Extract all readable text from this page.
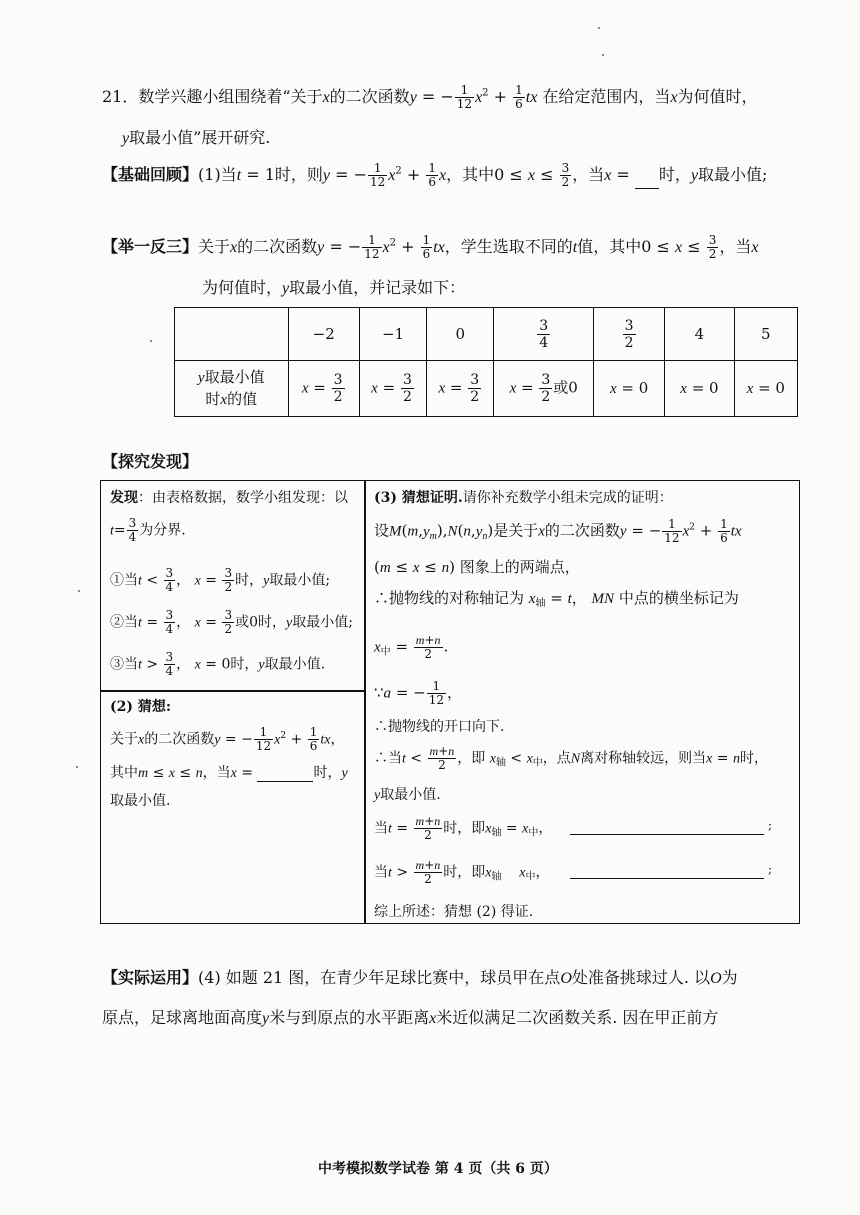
21．数学兴趣小组围绕着“关于x的二次函数y = − $\frac{1}{12} x^2 + \frac{1}{6}$ tx 在给定范围内，当x为何值时，
y取最小值”展开研究.
【基础回顾】(1)当t = 1时，则y = − $\frac{1}{12} x^2 + \frac{1}{6}$ x，其中$0 \le x \le \frac{3}{2}$ ，当x =  时，y取最小值;
【举一反三】关于x的二次函数y = − $\frac{1}{12} x^2 + \frac{1}{6}$ tx，学生选取不同的t值，其中$0 \le x \le \frac{3}{2}$ ，当x
为何值时，y取最小值，并记录如下：
	−2	−1	0	$\frac{3}{4}$	$\frac{3}{2}$	4	5
y取最小值
时x的值	$x = \frac{3}{2}$	$x = \frac{3}{2}$	$x = \frac{3}{2}$	$x = \frac{3}{2}$ 或0	x = 0	x = 0	x = 0
【探究发现】
发现：由表格数据，数学小组发现：以
$t= \frac{3}{4}$ 为分界.
①当$t < \frac{3}{4}$ ， $x = \frac{3}{2}$ 时，y取最小值;
②当$t = \frac{3}{4}$ ， $x = \frac{3}{2}$ 或0时，y取最小值;
③当$t > \frac{3}{4}$ ， x = 0时，y取最小值.
(2) 猜想:
关于x的二次函数y = − $\frac{1}{12} x^2 + \frac{1}{6}$ tx，
其中m ≤ x ≤ n，当x =	时，y
取最小值.
(3) 猜想证明.请你补充数学小组未完成的证明：
设$M(m,y_m),N(n,y_n)$是关于x的二次函数y = − $\frac{1}{12} x^2 + \frac{1}{6}$ tx
(m ≤ x ≤ n) 图象上的两端点，
∴抛物线的对称轴记为 $x_轴 = t$， MN 中点的横坐标记为
$x_中 = \frac{m+n}{2}$ .
∵a = − $\frac{1}{12}$ ，
∴抛物线的开口向下.
∴当$t < \frac{m+n}{2}$ ，即 $x_轴 < x_中$，点N离对称轴较远，则当x = n时，
y取最小值.
当$t = \frac{m+n}{2}$ 时，即$x_轴 = x_中$，	;
当$t > \frac{m+n}{2}$ 时，即$x_轴$ $x_中$，	;
综上所述：猜想 (2) 得证.
【实际运用】(4) 如题 21 图，在青少年足球比赛中，球员甲在点O处准备挑球过人. 以O为
原点，足球离地面高度y米与到原点的水平距离x米近似满足二次函数关系. 因在甲正前方
中考模拟数学试卷 第 4 页（共 6 页）
